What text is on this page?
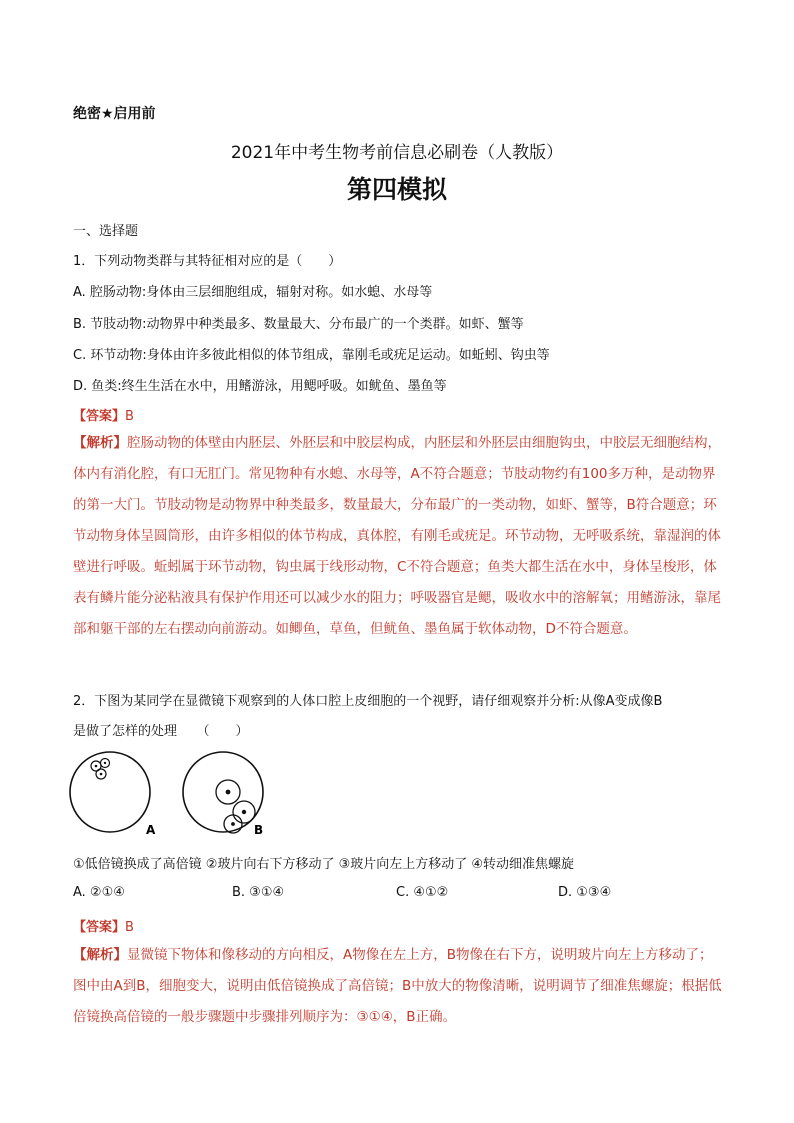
绝密★启用前
2021年中考生物考前信息必刷卷（人教版）
第四模拟
一、选择题
1．下列动物类群与其特征相对应的是（　　）
A. 腔肠动物:身体由三层细胞组成，辐射对称。如水螅、水母等
B. 节肢动物:动物界中种类最多、数量最大、分布最广的一个类群。如虾、蟹等
C. 环节动物:身体由许多彼此相似的体节组成，靠刚毛或疣足运动。如蚯蚓、钩虫等
D. 鱼类:终生生活在水中，用鳍游泳，用鳃呼吸。如鱿鱼、墨鱼等
【答案】B
【解析】腔肠动物的体壁由内胚层、外胚层和中胶层构成，内胚层和外胚层由细胞钩虫，中胶层无细胞结构，体内有消化腔，有口无肛门。常见物种有水螅、水母等，A不符合题意；节肢动物约有100多万种，是动物界的第一大门。节肢动物是动物界中种类最多，数量最大，分布最广的一类动物，如虾、蟹等，B符合题意；环节动物身体呈圆筒形，由许多相似的体节构成，真体腔，有刚毛或疣足。环节动物，无呼吸系统，靠湿润的体壁进行呼吸。蚯蚓属于环节动物，钩虫属于线形动物，C不符合题意；鱼类大都生活在水中，身体呈梭形，体表有鳞片能分泌粘液具有保护作用还可以减少水的阻力；呼吸器官是鳃，吸收水中的溶解氧；用鳍游泳，靠尾部和躯干部的左右摆动向前游动。如鲫鱼，草鱼，但鱿鱼、墨鱼属于软体动物，D不符合题意。
2．下图为某同学在显微镜下观察到的人体口腔上皮细胞的一个视野，请仔细观察并分析:从像A变成像B
是做了怎样的处理　　（　　）
A	B
①低倍镜换成了高倍镜 ②玻片向右下方移动了 ③玻片向左上方移动了 ④转动细准焦螺旋
A. ②①④	B. ③①④	C. ④①②	D. ①③④
【答案】B
【解析】显微镜下物体和像移动的方向相反，A物像在左上方，B物像在右下方，说明玻片向左上方移动了；图中由A到B，细胞变大，说明由低倍镜换成了高倍镜；B中放大的物像清晰，说明调节了细准焦螺旋；根据低倍镜换高倍镜的一般步骤题中步骤排列顺序为：③①④，B正确。
